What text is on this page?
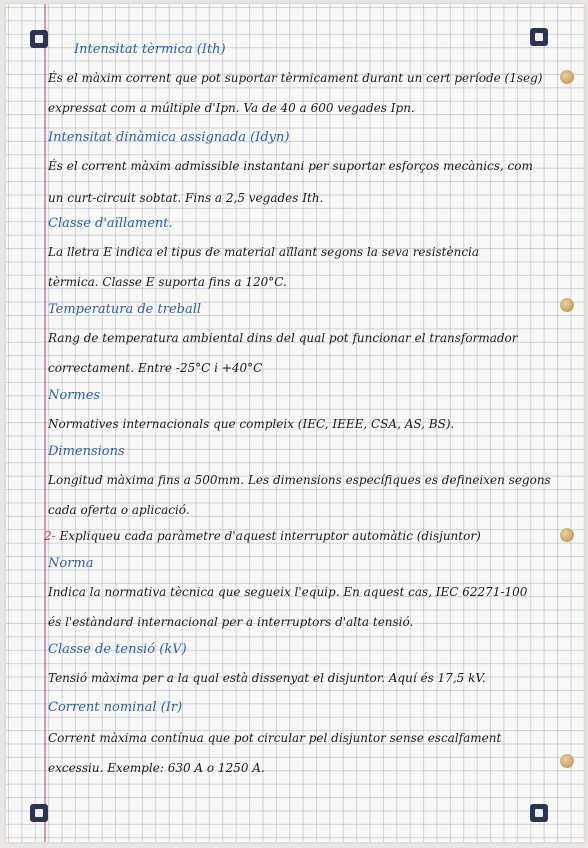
Intensitat tèrmica (Ith)
És el màxim corrent que pot suportar tèrmicament durant un cert període (1seg)
expressat com a múltiple d'Ipn. Va de 40 a 600 vegades Ipn.
Intensitat dinàmica assignada (Idyn)
És el corrent màxim admissible instantani per suportar esforços mecànics, com
un curt-circuit sobtat. Fins a 2,5 vegades Ith.
Classe d'aïllament.
La lletra E indica el tipus de material aïllant segons la seva resistència
tèrmica. Classe E suporta fins a 120°C.
Temperatura de treball
Rang de temperatura ambiental dins del qual pot funcionar el transformador
correctament. Entre -25°C i +40°C
Normes
Normatives internacionals que compleix (IEC, IEEE, CSA, AS, BS).
Dimensions
Longitud màxima fins a 500mm. Les dimensions específiques es defineixen segons
cada oferta o aplicació.
2- Expliqueu cada paràmetre d'aquest interruptor automàtic (disjuntor)
Norma
Indica la normativa tècnica que segueix l'equip. En aquest cas, IEC 62271-100
és l'estàndard internacional per a interruptors d'alta tensió.
Classe de tensió (kV)
Tensió màxima per a la qual està dissenyat el disjuntor. Aquí és 17,5 kV.
Corrent nominal (Ir)
Corrent màxima contínua que pot circular pel disjuntor sense escalfament
excessiu. Exemple: 630 A o 1250 A.
